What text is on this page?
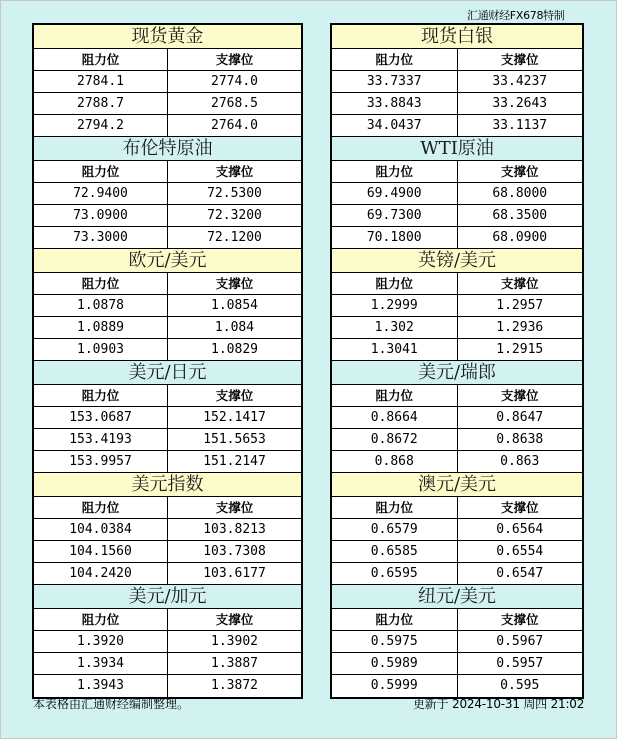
汇通财经FX678特制
现货黄金
阻力位	支撑位
2784.1	2774.0
2788.7	2768.5
2794.2	2764.0
布伦特原油
阻力位	支撑位
72.9400	72.5300
73.0900	72.3200
73.3000	72.1200
欧元/美元
阻力位	支撑位
1.0878	1.0854
1.0889	1.084
1.0903	1.0829
美元/日元
阻力位	支撑位
153.0687	152.1417
153.4193	151.5653
153.9957	151.2147
美元指数
阻力位	支撑位
104.0384	103.8213
104.1560	103.7308
104.2420	103.6177
美元/加元
阻力位	支撑位
1.3920	1.3902
1.3934	1.3887
1.3943	1.3872
现货白银
阻力位	支撑位
33.7337	33.4237
33.8843	33.2643
34.0437	33.1137
WTI原油
阻力位	支撑位
69.4900	68.8000
69.7300	68.3500
70.1800	68.0900
英镑/美元
阻力位	支撑位
1.2999	1.2957
1.302	1.2936
1.3041	1.2915
美元/瑞郎
阻力位	支撑位
0.8664	0.8647
0.8672	0.8638
0.868	0.863
澳元/美元
阻力位	支撑位
0.6579	0.6564
0.6585	0.6554
0.6595	0.6547
纽元/美元
阻力位	支撑位
0.5975	0.5967
0.5989	0.5957
0.5999	0.595
本表格由汇通财经编制整理。	更新于 2024-10-31 周四 21:02
